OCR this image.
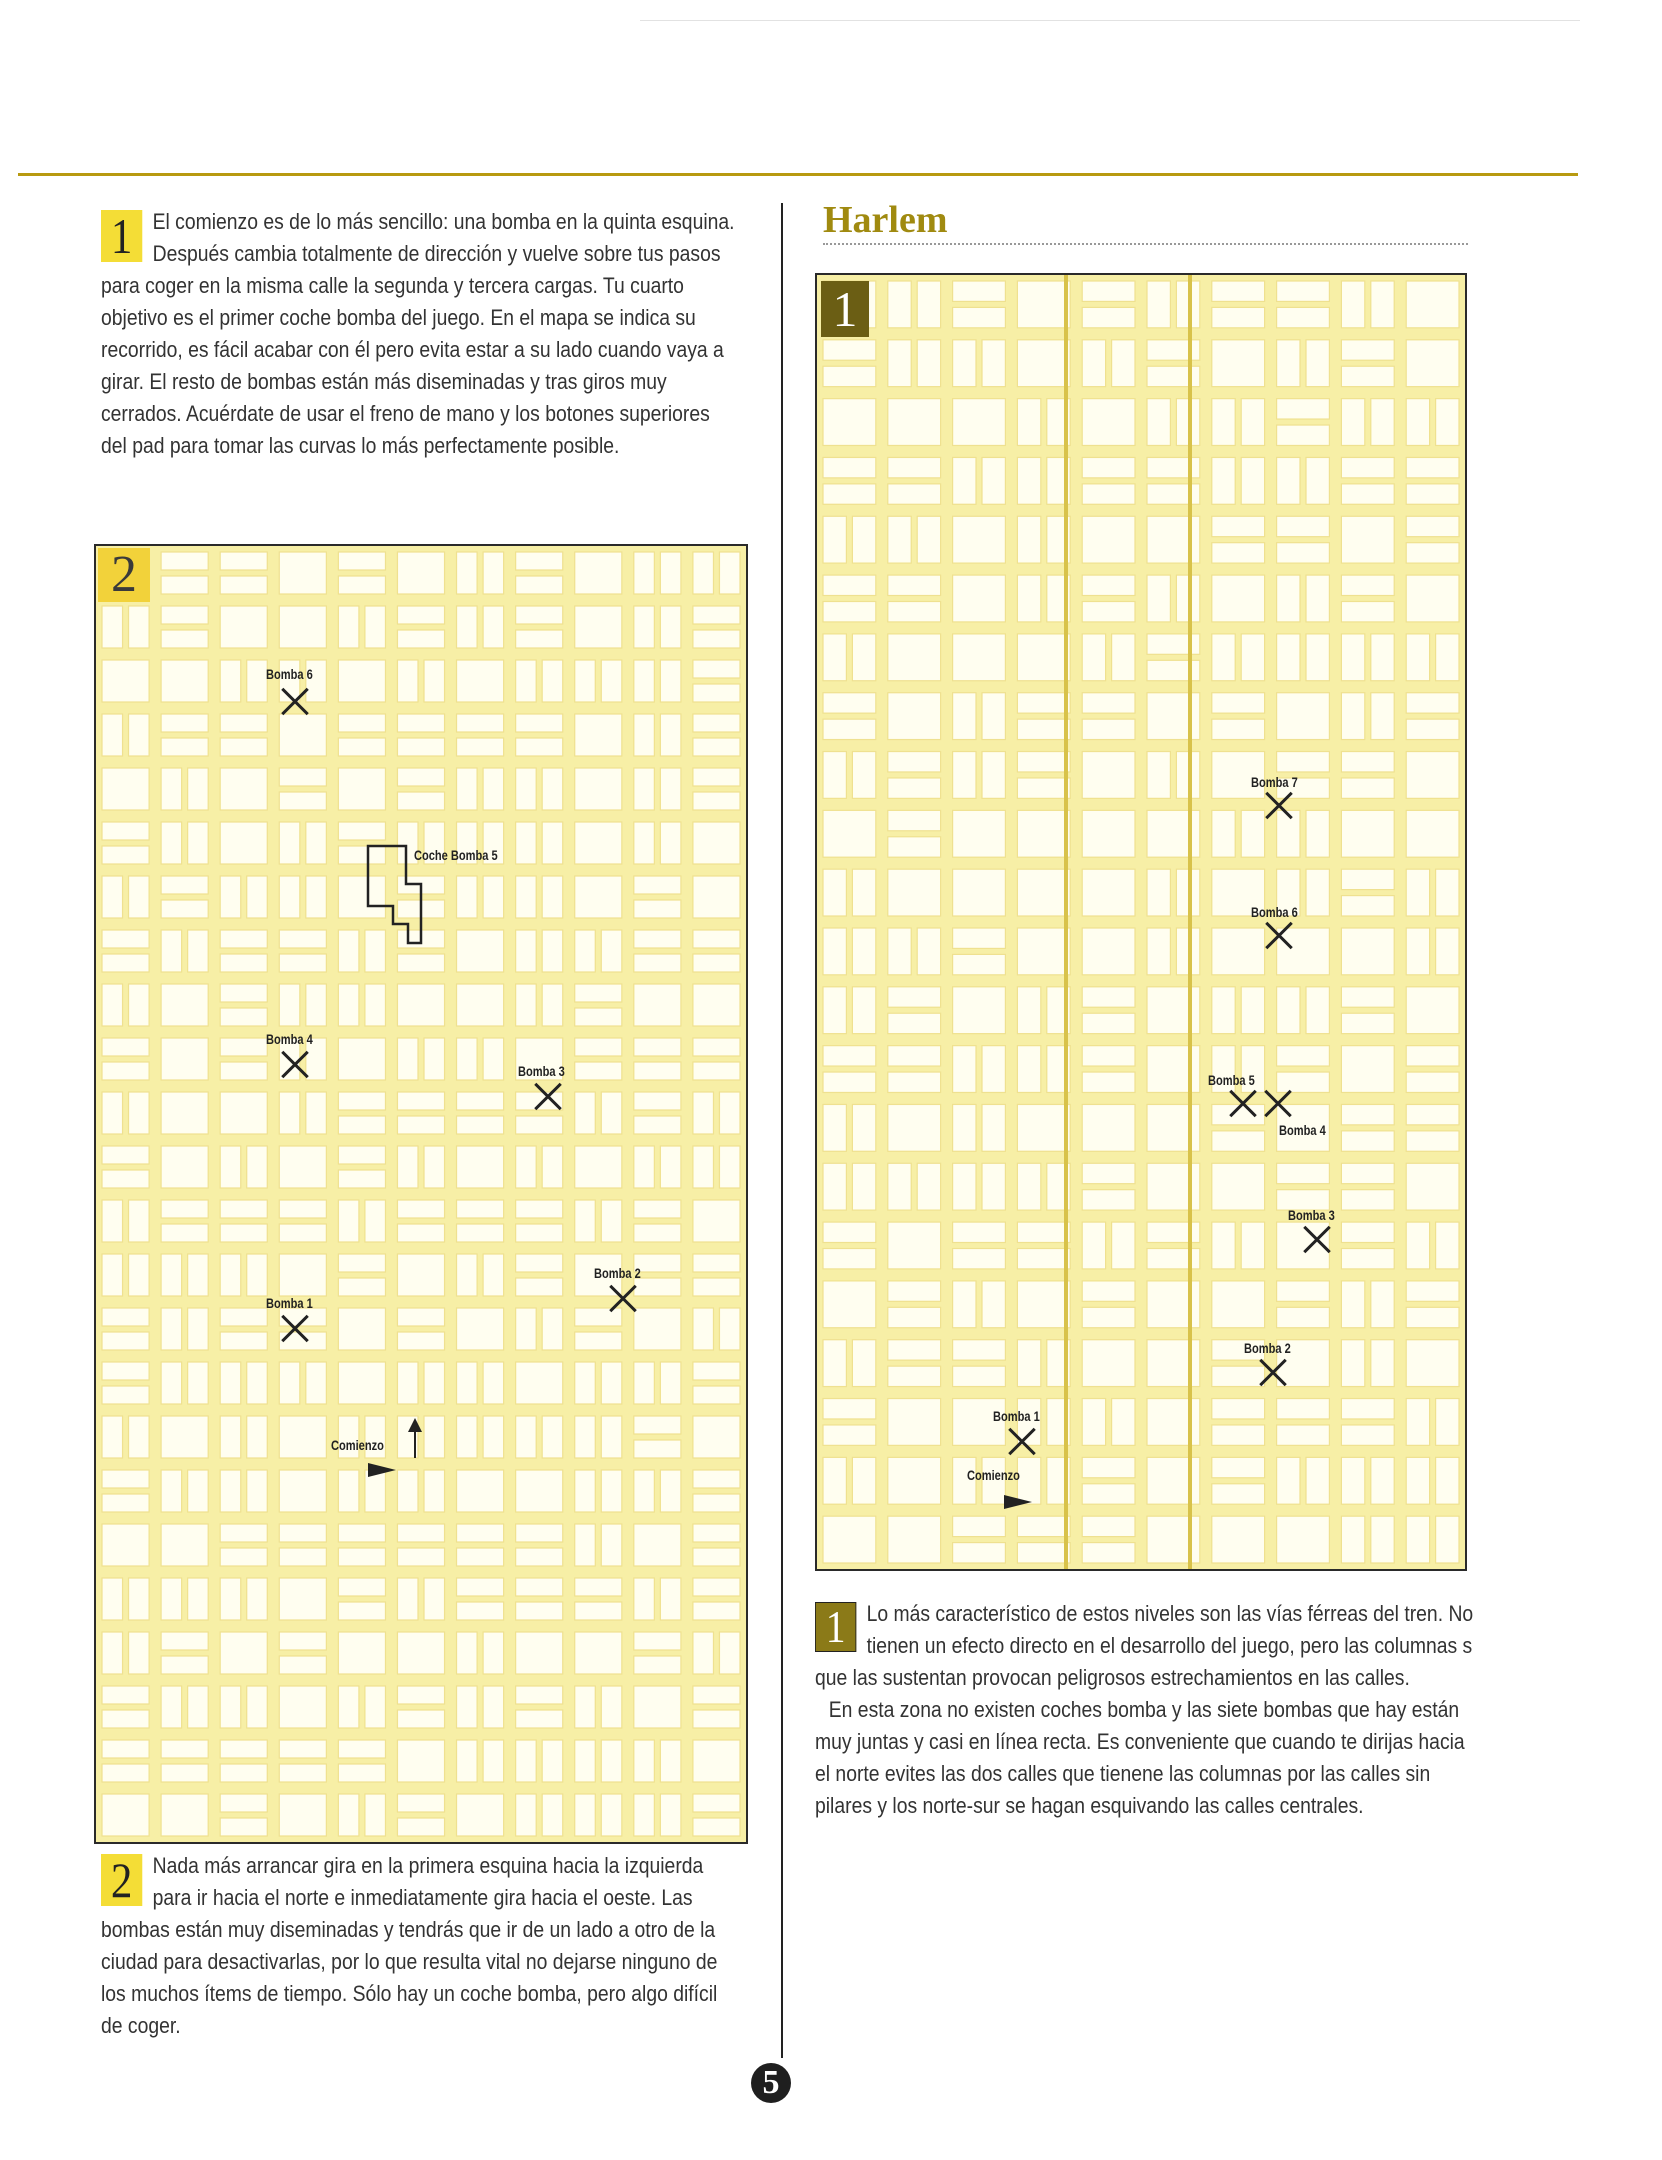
1 El comienzo es de lo más sencillo: una bomba en la quinta esquina. Después cambia totalmente de dirección y vuelve sobre tus pasos para coger en la misma calle la segunda y tercera cargas. Tu cuarto objetivo es el primer coche bomba del juego. En el mapa se indica su recorrido, es fácil acabar con él pero evita estar a su lado cuando vaya a girar. El resto de bombas están más diseminadas y tras giros muy cerrados. Acuérdate de usar el freno de mano y los botones superiores del pad para tomar las curvas lo más perfectamente posible.

2
Bomba 6
Coche Bomba 5
Bomba 4
Bomba 3
Bomba 2
Bomba 1
Comienzo
2 Nada más arrancar gira en la primera esquina hacia la izquierda para ir hacia el norte e inmediatamente gira hacia el oeste. Las bombas están muy diseminadas y tendrás que ir de un lado a otro de la ciudad para desactivarlas, por lo que resulta vital no dejarse ninguno de los muchos ítems de tiempo. Sólo hay un coche bomba, pero algo difícil de coger.

Harlem
1
Bomba 7
Bomba 6
Bomba 5
Bomba 4
Bomba 3
Bomba 2
Bomba 1
Comienzo
1 Lo más característico de estos niveles son las vías férreas del tren. No tienen un efecto directo en el desarrollo del juego, pero las columnas s que las sustentan provocan peligrosos estrechamientos en las calles.

En esta zona no existen coches bomba y las siete bombas que hay están muy juntas y casi en línea recta. Es conveniente que cuando te dirijas hacia el norte evites las dos calles que tienene las columnas por las calles sin pilares y los norte-sur se hagan esquivando las calles centrales.

5
